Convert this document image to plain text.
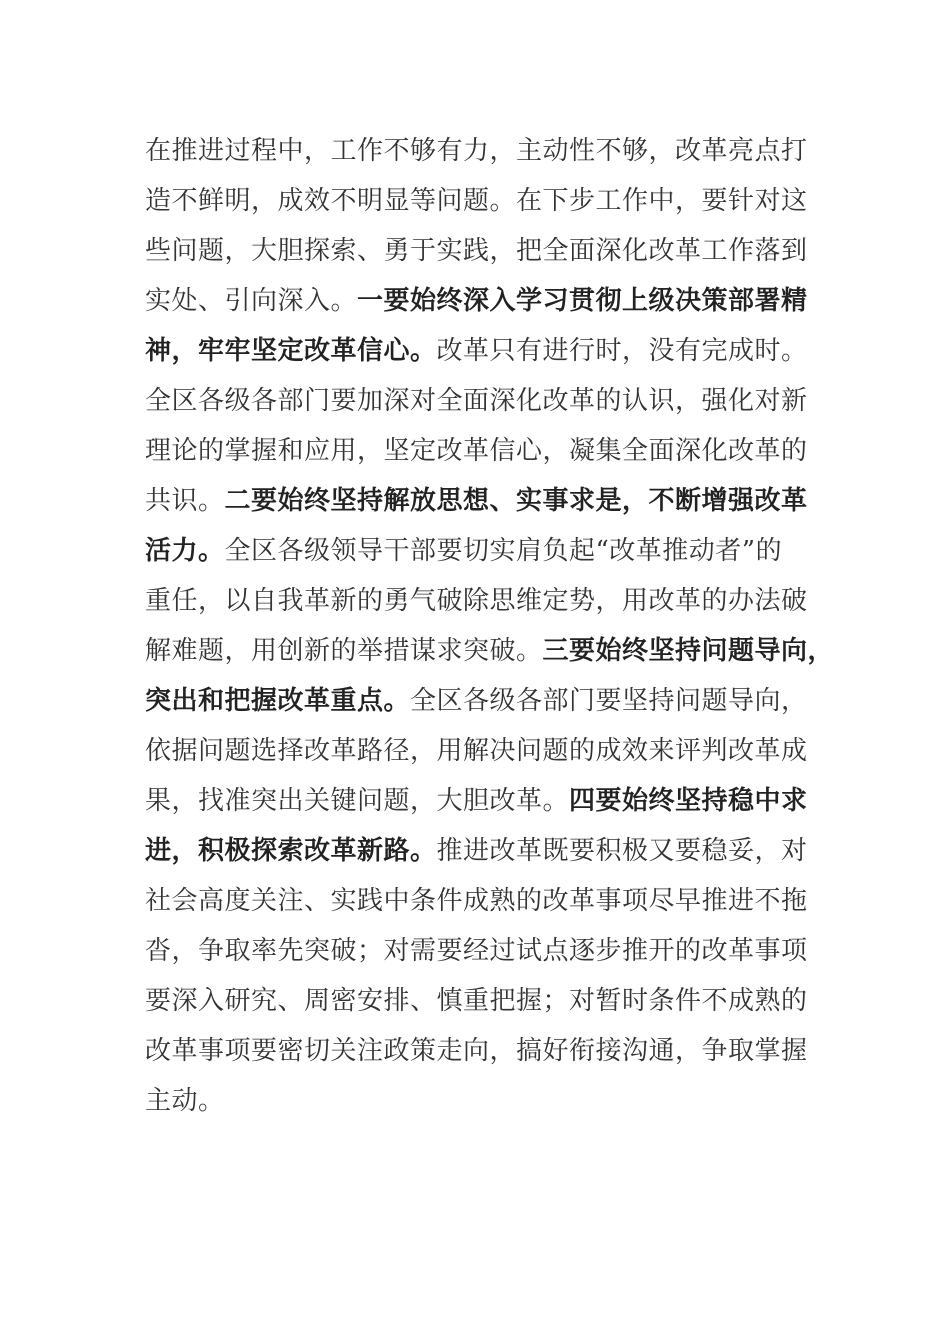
在推进过程中，工作不够有力，主动性不够，改革亮点打
造不鲜明，成效不明显等问题。在下步工作中，要针对这
些问题，大胆探索、勇于实践，把全面深化改革工作落到
实处、引向深入。一要始终深入学习贯彻上级决策部署精
神，牢牢坚定改革信心。改革只有进行时，没有完成时。
全区各级各部门要加深对全面深化改革的认识，强化对新
理论的掌握和应用，坚定改革信心，凝集全面深化改革的
共识。二要始终坚持解放思想、实事求是，不断增强改革
活力。全区各级领导干部要切实肩负起“改革推动者”的
重任，以自我革新的勇气破除思维定势，用改革的办法破
解难题，用创新的举措谋求突破。三要始终坚持问题导向，
突出和把握改革重点。全区各级各部门要坚持问题导向，
依据问题选择改革路径，用解决问题的成效来评判改革成
果，找准突出关键问题，大胆改革。四要始终坚持稳中求
进，积极探索改革新路。推进改革既要积极又要稳妥，对
社会高度关注、实践中条件成熟的改革事项尽早推进不拖
沓，争取率先突破；对需要经过试点逐步推开的改革事项
要深入研究、周密安排、慎重把握；对暂时条件不成熟的
改革事项要密切关注政策走向，搞好衔接沟通，争取掌握
主动。
